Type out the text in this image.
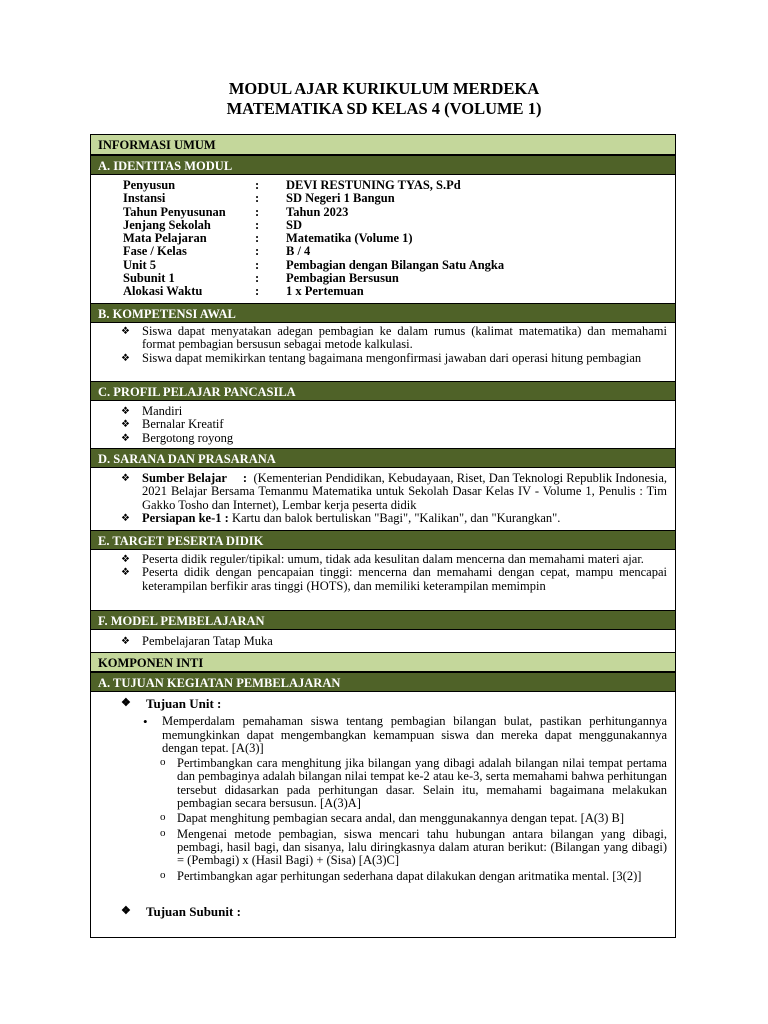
MODUL AJAR KURIKULUM MERDEKA
MATEMATIKA SD KELAS 4 (VOLUME 1)
INFORMASI UMUM
A. IDENTITAS MODUL
Penyusun	:	DEVI RESTUNING TYAS, S.Pd
Instansi	:	SD Negeri 1 Bangun
Tahun Penyusunan	:	Tahun 2023
Jenjang Sekolah	:	SD
Mata Pelajaran	:	Matematika (Volume 1)
Fase / Kelas	:	B / 4
Unit 5	:	Pembagian dengan Bilangan Satu Angka
Subunit 1	:	Pembagian Bersusun
Alokasi Waktu	:	1 x Pertemuan
B. KOMPETENSI AWAL
❖ Siswa dapat menyatakan adegan pembagian ke dalam rumus (kalimat matematika) dan memahami format pembagian bersusun sebagai metode kalkulasi.
❖ Siswa dapat memikirkan tentang bagaimana mengonfirmasi jawaban dari operasi hitung pembagian
C. PROFIL PELAJAR PANCASILA
❖ Mandiri
❖ Bernalar Kreatif
❖ Bergotong royong
D. SARANA DAN PRASARANA
❖ Sumber Belajar : (Kementerian Pendidikan, Kebudayaan, Riset, Dan Teknologi Republik Indonesia, 2021 Belajar Bersama Temanmu Matematika untuk Sekolah Dasar Kelas IV - Volume 1, Penulis : Tim Gakko Tosho dan Internet), Lembar kerja peserta didik
❖ Persiapan ke-1 : Kartu dan balok bertuliskan "Bagi", "Kalikan", dan "Kurangkan".
E. TARGET PESERTA DIDIK
❖ Peserta didik reguler/tipikal: umum, tidak ada kesulitan dalam mencerna dan memahami materi ajar.
❖ Peserta didik dengan pencapaian tinggi: mencerna dan memahami dengan cepat, mampu mencapai keterampilan berfikir aras tinggi (HOTS), dan memiliki keterampilan memimpin
F. MODEL PEMBELAJARAN
❖ Pembelajaran Tatap Muka
KOMPONEN INTI
A. TUJUAN KEGIATAN PEMBELAJARAN
❖ Tujuan Unit :
• Memperdalam pemahaman siswa tentang pembagian bilangan bulat, pastikan perhitungannya memungkinkan dapat mengembangkan kemampuan siswa dan mereka dapat menggunakannya dengan tepat. [A(3)]
o Pertimbangkan cara menghitung jika bilangan yang dibagi adalah bilangan nilai tempat pertama dan pembaginya adalah bilangan nilai tempat ke-2 atau ke-3, serta memahami bahwa perhitungan tersebut didasarkan pada perhitungan dasar. Selain itu, memahami bagaimana melakukan pembagian secara bersusun. [A(3)A]
o Dapat menghitung pembagian secara andal, dan menggunakannya dengan tepat. [A(3) B]
o Mengenai metode pembagian, siswa mencari tahu hubungan antara bilangan yang dibagi, pembagi, hasil bagi, dan sisanya, lalu diringkasnya dalam aturan berikut: (Bilangan yang dibagi) = (Pembagi) x (Hasil Bagi) + (Sisa) [A(3)C]
o Pertimbangkan agar perhitungan sederhana dapat dilakukan dengan aritmatika mental. [3(2)]
❖ Tujuan Subunit :
